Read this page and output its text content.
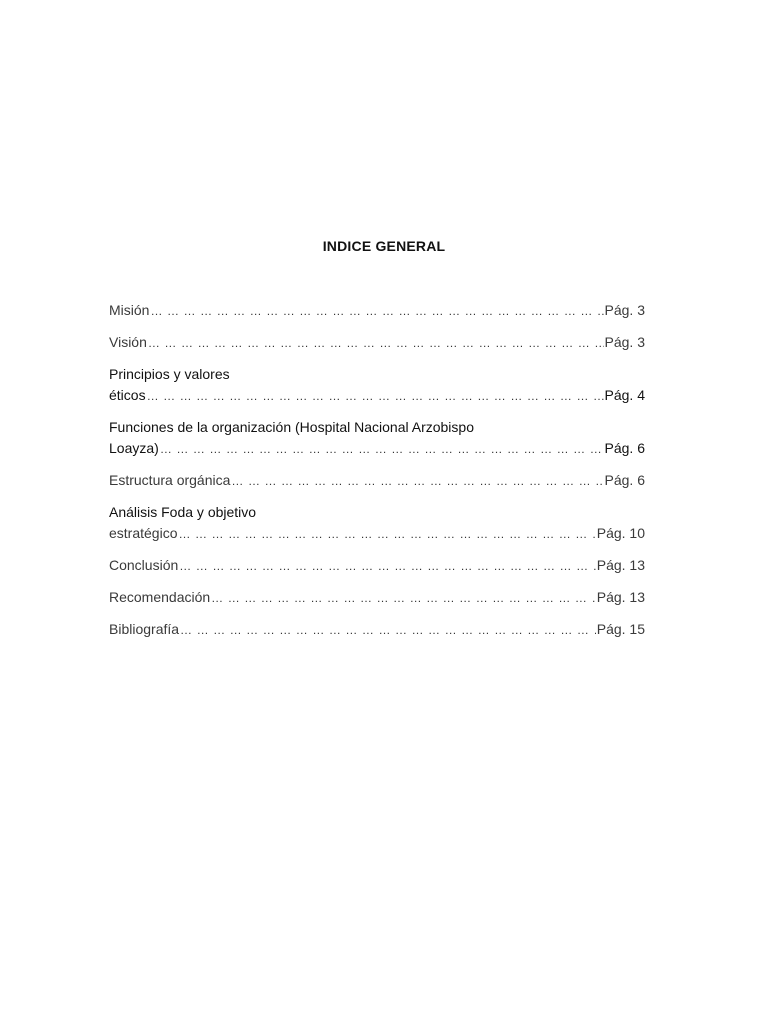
INDICE GENERAL
Misión … … … … … … … … … … … … … … … … … … … … … … … … … … … … … … … … … … … … … … … … … … … … … … … … … … … … …	Pág. 3
Visión … … … … … … … … … … … … … … … … … … … … … … … … … … … … … … … … … … … … … … … … … … … … … … … … … … … … …	Pág. 3
Principios y valores
éticos … … … … … … … … … … … … … … … … … … … … … … … … … … … … … … … … … … … … … … … … … … … … … … … … … … … … …	Pág. 4
Funciones de la organización (Hospital Nacional Arzobispo
Loayza) … … … … … … … … … … … … … … … … … … … … … … … … … … … … … … … … … … … … … … … … … … … … … … … … … … … … …	Pág. 6
Estructura orgánica … … … … … … … … … … … … … … … … … … … … … … … … … … … … … … … … … … … … … … … … … … … … … … … … … … … … …	Pág. 6
Análisis Foda y objetivo
estratégico … … … … … … … … … … … … … … … … … … … … … … … … … … … … … … … … … … … … … … … … … … … … … … … … … … … … …	Pág. 10
Conclusión … … … … … … … … … … … … … … … … … … … … … … … … … … … … … … … … … … … … … … … … … … … … … … … … … … … … …	Pág. 13
Recomendación … … … … … … … … … … … … … … … … … … … … … … … … … … … … … … … … … … … … … … … … … … … … … … … … … … … … …	Pág. 13
Bibliografía … … … … … … … … … … … … … … … … … … … … … … … … … … … … … … … … … … … … … … … … … … … … … … … … … … … … …	Pág. 15
